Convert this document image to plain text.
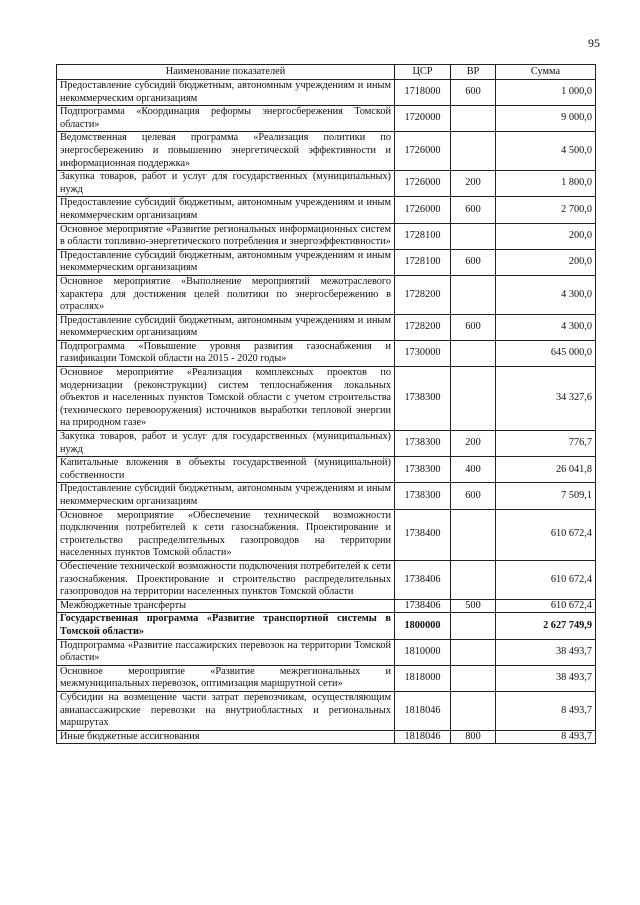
95
Наименование показателей	ЦСР	ВР	Сумма
Предоставление субсидий бюджетным, автономным учреждениям и иным некоммерческим организациям	1718000	600	1 000,0
Подпрограмма «Координация реформы энергосбережения Томской области»	1720000		9 000,0
Ведомственная целевая программа «Реализация политики по энергосбережению и повышению энергетической эффективности и информационная поддержка»	1726000		4 500,0
Закупка товаров, работ и услуг для государственных (муниципальных) нужд	1726000	200	1 800,0
Предоставление субсидий бюджетным, автономным учреждениям и иным некоммерческим организациям	1726000	600	2 700,0
Основное мероприятие «Развитие региональных информационных систем в области топливно-энергетического потребления и энергоэффективности»	1728100		200,0
Предоставление субсидий бюджетным, автономным учреждениям и иным некоммерческим организациям	1728100	600	200,0
Основное мероприятие «Выполнение мероприятий межотраслевого характера для достижения целей политики по энергосбережению в отраслях»	1728200		4 300,0
Предоставление субсидий бюджетным, автономным учреждениям и иным некоммерческим организациям	1728200	600	4 300,0
Подпрограмма «Повышение уровня развития газоснабжения и газификации Томской области на 2015 - 2020 годы»	1730000		645 000,0
Основное мероприятие «Реализация комплексных проектов по модернизации (реконструкции) систем теплоснабжения локальных объектов и населенных пунктов Томской области с учетом строительства (технического перевооружения) источников выработки тепловой энергии на природном газе»	1738300		34 327,6
Закупка товаров, работ и услуг для государственных (муниципальных) нужд	1738300	200	776,7
Капитальные вложения в объекты государственной (муниципальной) собственности	1738300	400	26 041,8
Предоставление субсидий бюджетным, автономным учреждениям и иным некоммерческим организациям	1738300	600	7 509,1
Основное мероприятие «Обеспечение технической возможности подключения потребителей к сети газоснабжения. Проектирование и строительство распределительных газопроводов на территории населенных пунктов Томской области»	1738400		610 672,4
Обеспечение технической возможности подключения потребителей к сети газоснабжения. Проектирование и строительство распределительных газопроводов на территории населенных пунктов Томской области	1738406		610 672,4
Межбюджетные трансферты	1738406	500	610 672,4
Государственная программа «Развитие транспортной системы в Томской области»	1800000		2 627 749,9
Подпрограмма «Развитие пассажирских перевозок на территории Томской области»	1810000		38 493,7
Основное мероприятие «Развитие межрегиональных и межмуниципальных перевозок, оптимизация маршрутной сети»	1818000		38 493,7
Субсидии на возмещение части затрат перевозчикам, осуществляющим авиапассажирские перевозки на внутриобластных и региональных маршрутах	1818046		8 493,7
Иные бюджетные ассигнования	1818046	800	8 493,7
